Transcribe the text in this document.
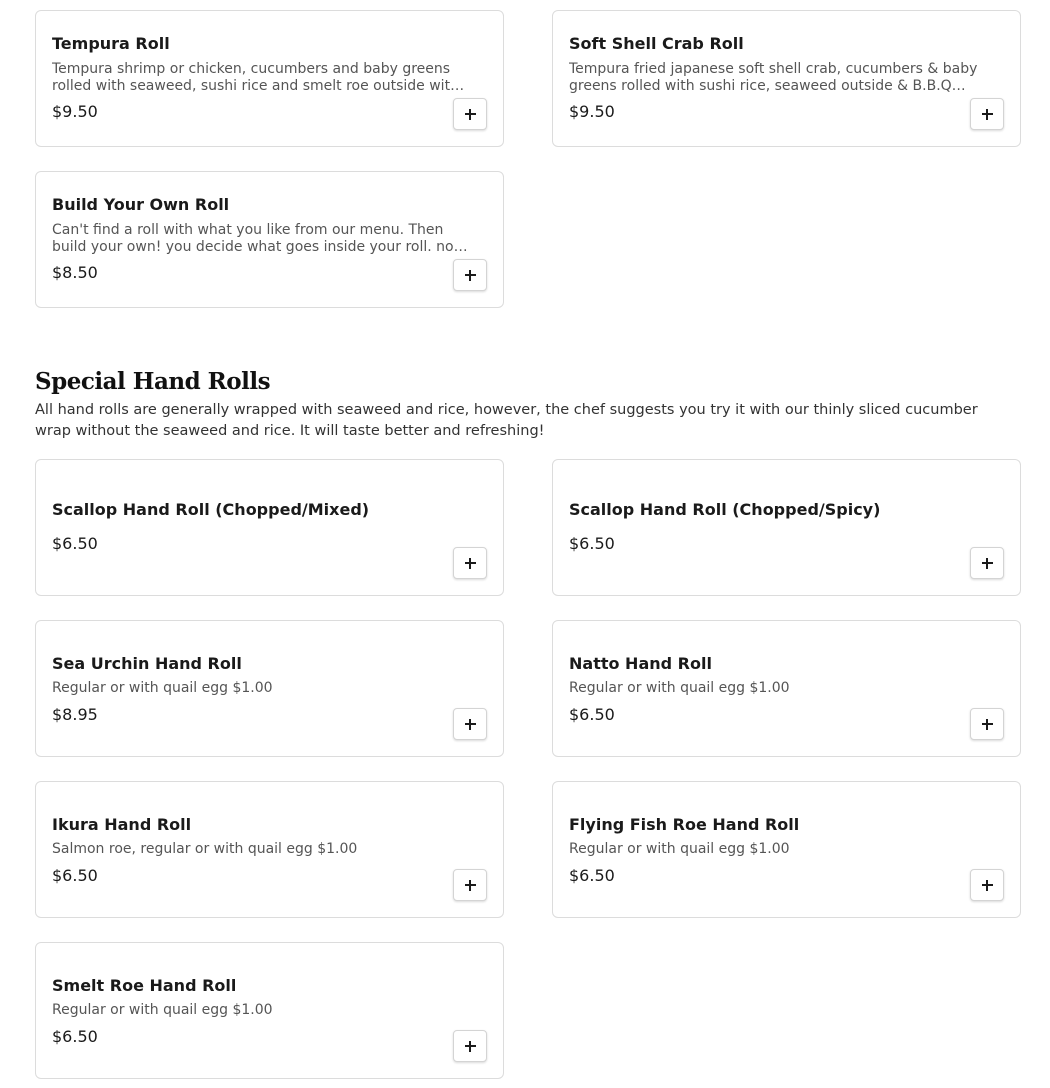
Tempura Roll
Tempura shrimp or chicken, cucumbers and baby greens rolled with seaweed, sushi rice and smelt roe outside with
$9.50
Soft Shell Crab Roll
Tempura fried japanese soft shell crab, cucumbers & baby greens rolled with sushi rice, seaweed outside & B.B.Q
$9.50
Build Your Own Roll
Can't find a roll with what you like from our menu. Then build your own! you decide what goes inside your roll. no
$8.50
Special Hand Rolls
All hand rolls are generally wrapped with seaweed and rice, however, the chef suggests you try it with our thinly sliced cucumber wrap without the seaweed and rice. It will taste better and refreshing!
Scallop Hand Roll (Chopped/Mixed)
$6.50
Scallop Hand Roll (Chopped/Spicy)
$6.50
Sea Urchin Hand Roll
Regular or with quail egg $1.00
$8.95
Natto Hand Roll
Regular or with quail egg $1.00
$6.50
Ikura Hand Roll
Salmon roe, regular or with quail egg $1.00
$6.50
Flying Fish Roe Hand Roll
Regular or with quail egg $1.00
$6.50
Smelt Roe Hand Roll
Regular or with quail egg $1.00
$6.50
